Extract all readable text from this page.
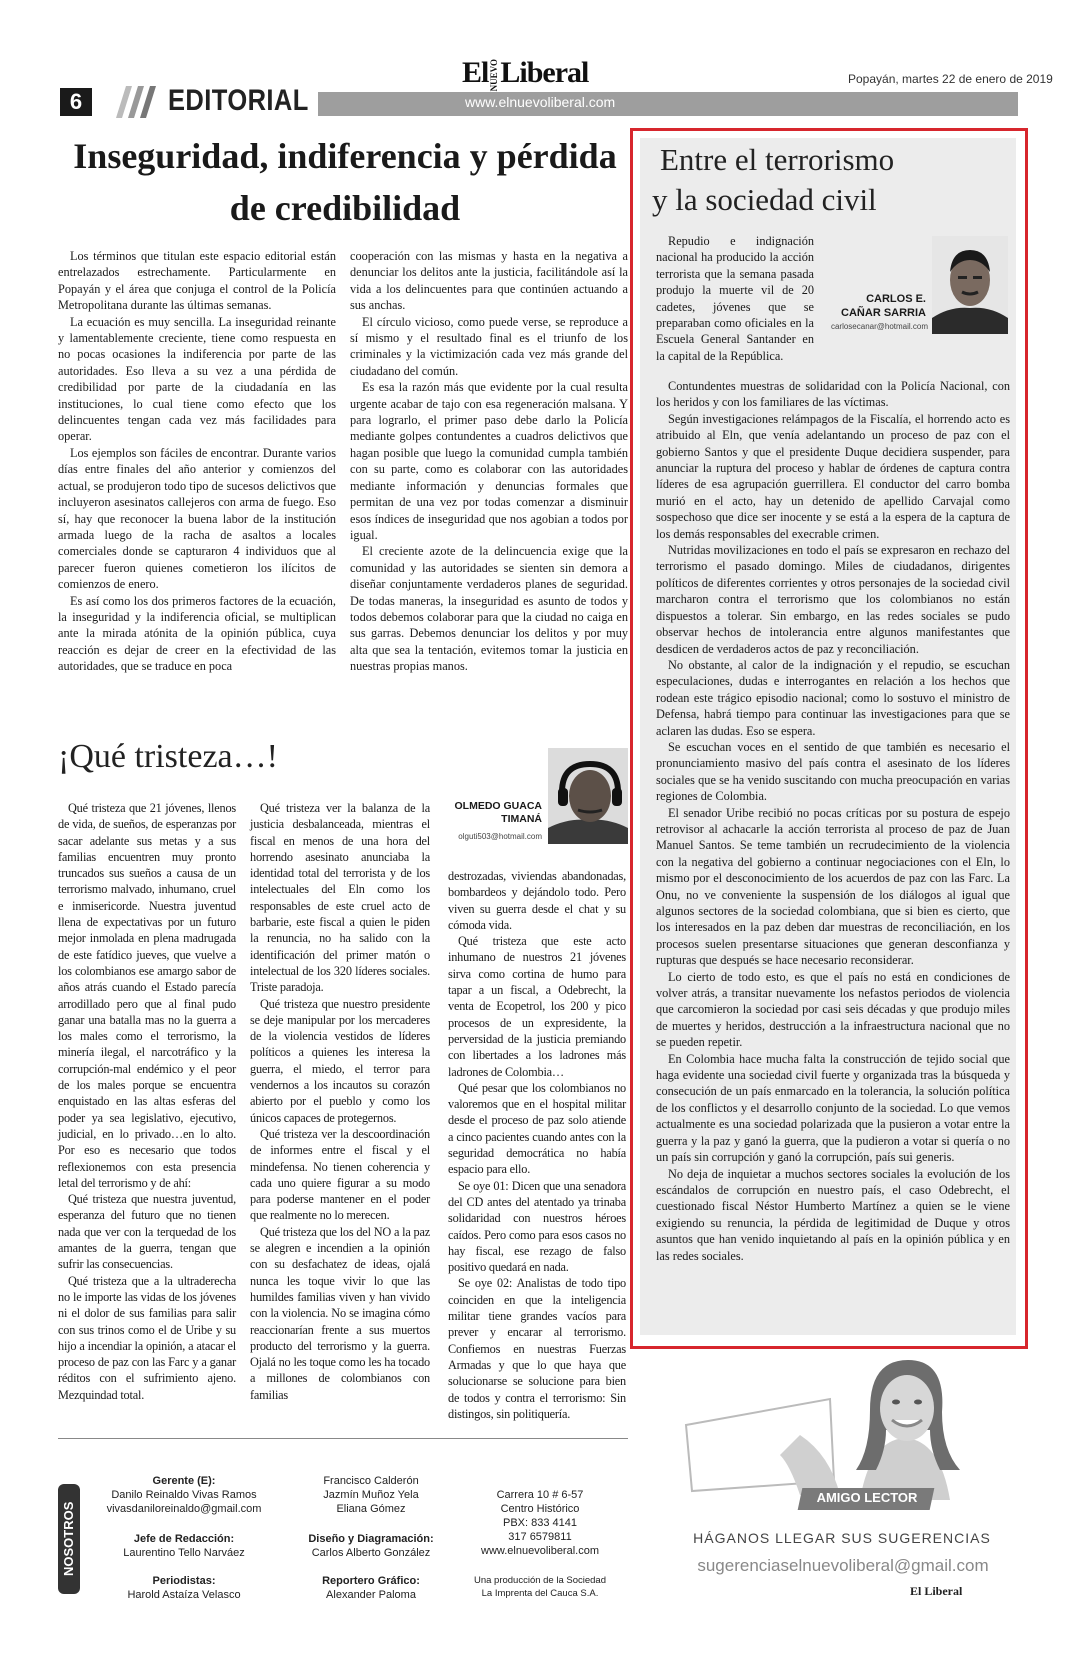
6	EDITORIAL	www.elnuevoliberal.com
ElNUEVOLiberal	Popayán, martes 22 de enero de 2019
Inseguridad, indiferencia y pérdida de credibilidad

Los términos que titulan este espacio editorial están entrelazados estrechamente. Particularmente en Popayán y el área que conjuga el control de la Policía Metropolitana durante las últimas semanas.

La ecuación es muy sencilla. La inseguridad reinante y lamentablemente creciente, tiene como respuesta en no pocas ocasiones la indiferencia por parte de las autoridades. Eso lleva a su vez a una pérdida de credibilidad por parte de la ciudadanía en las instituciones, lo cual tiene como efecto que los delincuentes tengan cada vez más facilidades para operar.

Los ejemplos son fáciles de encontrar. Durante varios días entre finales del año anterior y comienzos del actual, se produjeron todo tipo de sucesos delictivos que incluyeron asesinatos callejeros con arma de fuego. Eso sí, hay que reconocer la buena labor de la institución armada luego de la racha de asaltos a locales comerciales donde se capturaron 4 individuos que al parecer fueron quienes cometieron los ilícitos de comienzos de enero.

Es así como los dos primeros factores de la ecuación, la inseguridad y la indiferencia oficial, se multiplican ante la mirada atónita de la opinión pública, cuya reacción es dejar de creer en la efectividad de las autoridades, que se traduce en poca

cooperación con las mismas y hasta en la negativa a denunciar los delitos ante la justicia, facilitándole así la vida a los delincuentes para que continúen actuando a sus anchas.

El círculo vicioso, como puede verse, se reproduce a sí mismo y el resultado final es el triunfo de los criminales y la victimización cada vez más grande del ciudadano del común.

Es esa la razón más que evidente por la cual resulta urgente acabar de tajo con esa regeneración malsana. Y para lograrlo, el primer paso debe darlo la Policía mediante golpes contundentes a cuadros delictivos que hagan posible que luego la comunidad cumpla también con su parte, como es colaborar con las autoridades mediante información y denuncias formales que permitan de una vez por todas comenzar a disminuir esos índices de inseguridad que nos agobian a todos por igual.

El creciente azote de la delincuencia exige que la comunidad y las autoridades se sienten sin demora a diseñar conjuntamente verdaderos planes de seguridad. De todas maneras, la inseguridad es asunto de todos y todos debemos colaborar para que la ciudad no caiga en sus garras. Debemos denunciar los delitos y por muy alta que sea la tentación, evitemos tomar la justicia en nuestras propias manos.

Entre el terrorismo
y la sociedad civil
CARLOS E.
CAÑAR SARRIA
carlosecanar@hotmail.com

Repudio e indignación nacional ha producido la acción terrorista que la semana pasada produjo la muerte vil de 20 cadetes, jóvenes que se preparaban como oficiales en la Escuela General Santander en la capital de la República.

Contundentes muestras de solidaridad con la Policía Nacional, con los heridos y con los familiares de las víctimas.

Según investigaciones relámpagos de la Fiscalía, el horrendo acto es atribuido al Eln, que venía adelantando un proceso de paz con el gobierno Santos y que el presidente Duque decidiera suspender, para anunciar la ruptura del proceso y hablar de órdenes de captura contra líderes de esa agrupación guerrillera. El conductor del carro bomba murió en el acto, hay un detenido de apellido Carvajal como sospechoso que dice ser inocente y se está a la espera de la captura de los demás responsables del execrable crimen.

Nutridas movilizaciones en todo el país se expresaron en rechazo del terrorismo el pasado domingo. Miles de ciudadanos, dirigentes políticos de diferentes corrientes y otros personajes de la sociedad civil marcharon contra el terrorismo que los colombianos no están dispuestos a tolerar. Sin embargo, en las redes sociales se pudo observar hechos de intolerancia entre algunos manifestantes que desdicen de verdaderos actos de paz y reconciliación.

No obstante, al calor de la indignación y el repudio, se escuchan especulaciones, dudas e interrogantes en relación a los hechos que rodean este trágico episodio nacional; como lo sostuvo el ministro de Defensa, habrá tiempo para continuar las investigaciones para que se aclaren las dudas. Eso se espera.

Se escuchan voces en el sentido de que también es necesario el pronunciamiento masivo del país contra el asesinato de los líderes sociales que se ha venido suscitando con mucha preocupación en varias regiones de Colombia.

El senador Uribe recibió no pocas críticas por su postura de espejo retrovisor al achacarle la acción terrorista al proceso de paz de Juan Manuel Santos. Se teme también un recrudecimiento de la violencia con la negativa del gobierno a continuar negociaciones con el Eln, lo mismo por el desconocimiento de los acuerdos de paz con las Farc. La Onu, no ve conveniente la suspensión de los diálogos al igual que algunos sectores de la sociedad colombiana, que si bien es cierto, que los interesados en la paz deben dar muestras de reconciliación, en los procesos suelen presentarse situaciones que generan desconfianza y rupturas que después se hace necesario reconsiderar.

Lo cierto de todo esto, es que el país no está en condiciones de volver atrás, a transitar nuevamente los nefastos periodos de violencia que carcomieron la sociedad por casi seis décadas y que produjo miles de muertes y heridos, destrucción a la infraestructura nacional que no se pueden repetir.

En Colombia hace mucha falta la construcción de tejido social que haga evidente una sociedad civil fuerte y organizada tras la búsqueda y consecución de un país enmarcado en la tolerancia, la solución política de los conflictos y el desarrollo conjunto de la sociedad. Lo que vemos actualmente es una sociedad polarizada que la pusieron a votar entre la guerra y la paz y ganó la guerra, que la pudieron a votar si quería o no un país sin corrupción y ganó la corrupción, país sui generis.

No deja de inquietar a muchos sectores sociales la evolución de los escándalos de corrupción en nuestro país, el caso Odebrecht, el cuestionado fiscal Néstor Humberto Martínez a quien se le viene exigiendo su renuncia, la pérdida de legitimidad de Duque y otros asuntos que han venido inquietando al país en la opinión pública y en las redes sociales.

¡Qué tristeza…!
OLMEDO GUACA
TIMANÁ
olguti503@hotmail.com

Qué tristeza que 21 jóvenes, llenos de vida, de sueños, de esperanzas por sacar adelante sus metas y a sus familias encuentren muy pronto truncados sus sueños a causa de un terrorismo malvado, inhumano, cruel e inmisericorde. Nuestra juventud llena de expectativas por un futuro mejor inmolada en plena madrugada de este fatídico jueves, que vuelve a los colombianos ese amargo sabor de años atrás cuando el Estado parecía arrodillado pero que al final pudo ganar una batalla mas no la guerra a los males como el terrorismo, la minería ilegal, el narcotráfico y la corrupción-mal endémico y el peor de los males porque se encuentra enquistado en las altas esferas del poder ya sea legislativo, ejecutivo, judicial, en lo privado…en lo alto. Por eso es necesario que todos reflexionemos con esta presencia letal del terrorismo y de ahí:

Qué tristeza que nuestra juventud, esperanza del futuro que no tienen nada que ver con la terquedad de los amantes de la guerra, tengan que sufrir las consecuencias.

Qué tristeza que a la ultraderecha no le importe las vidas de los jóvenes ni el dolor de sus familias para salir con sus trinos como el de Uribe y su hijo a incendiar la opinión, a atacar el proceso de paz con las Farc y a ganar réditos con el sufrimiento ajeno. Mezquindad total.

Qué tristeza ver la balanza de la justicia desbalanceada, mientras el fiscal en menos de una hora del horrendo asesinato anunciaba la identidad total del terrorista y de los intelectuales del Eln como los responsables de este cruel acto de barbarie, este fiscal a quien le piden la renuncia, no ha salido con la identificación del primer matón o intelectual de los 320 líderes sociales. Triste paradoja.

Qué tristeza que nuestro presidente se deje manipular por los mercaderes de la violencia vestidos de líderes políticos a quienes les interesa la guerra, el miedo, el terror para vendernos a los incautos su corazón abierto por el pueblo y como los únicos capaces de protegernos.

Qué tristeza ver la descoordinación de informes entre el fiscal y el mindefensa. No tienen coherencia y cada uno quiere figurar a su modo para poderse mantener en el poder que realmente no lo merecen.

Qué tristeza que los del NO a la paz se alegren e incendien a la opinión con su desfachatez de ideas, ojalá nunca les toque vivir lo que las humildes familias viven y han vivido con la violencia. No se imagina cómo reaccionarían frente a sus muertos producto del terrorismo y la guerra. Ojalá no les toque como les ha tocado a millones de colombianos con familias

destrozadas, viviendas abandonadas, bombardeos y dejándolo todo. Pero viven su guerra desde el chat y su cómoda vida.

Qué tristeza que este acto inhumano de nuestros 21 jóvenes sirva como cortina de humo para tapar a un fiscal, a Odebrecht, la venta de Ecopetrol, los 200 y pico procesos de un expresidente, la perversidad de la justicia premiando con libertades a los ladrones más ladrones de Colombia…

Qué pesar que los colombianos no valoremos que en el hospital militar desde el proceso de paz solo atiende a cinco pacientes cuando antes con la seguridad democrática no había espacio para ello.

Se oye 01: Dicen que una senadora del CD antes del atentado ya trinaba solidaridad con nuestros héroes caídos. Pero como para esos casos no hay fiscal, ese rezago de falso positivo quedará en nada.

Se oye 02: Analistas de todo tipo coinciden en que la inteligencia militar tiene grandes vacíos para prever y encarar al terrorismo. Confiemos en nuestras Fuerzas Armadas y que lo que haya que solucionarse se solucione para bien de todos y contra el terrorismo: Sin distingos, sin politiquería.

NOSOTROS
Gerente (E):
Danilo Reinaldo Vivas Ramos
vivasdaniloreinaldo@gmail.com
Jefe de Redacción:
Laurentino Tello Narváez
Periodistas:
Harold Astaíza Velasco
Francisco Calderón
Jazmín Muñoz Yela
Eliana Gómez
Diseño y Diagramación:
Carlos Alberto González
Reportero Gráfico:
Alexander Paloma
Carrera 10 # 6-57
Centro Histórico
PBX: 833 4141
317 6579811
www.elnuevoliberal.com
Una producción de la Sociedad
La Imprenta del Cauca S.A.
AMIGO LECTOR
HÁGANOS LLEGAR SUS SUGERENCIAS
sugerenciaselnuevoliberal@gmail.com
El Liberal
